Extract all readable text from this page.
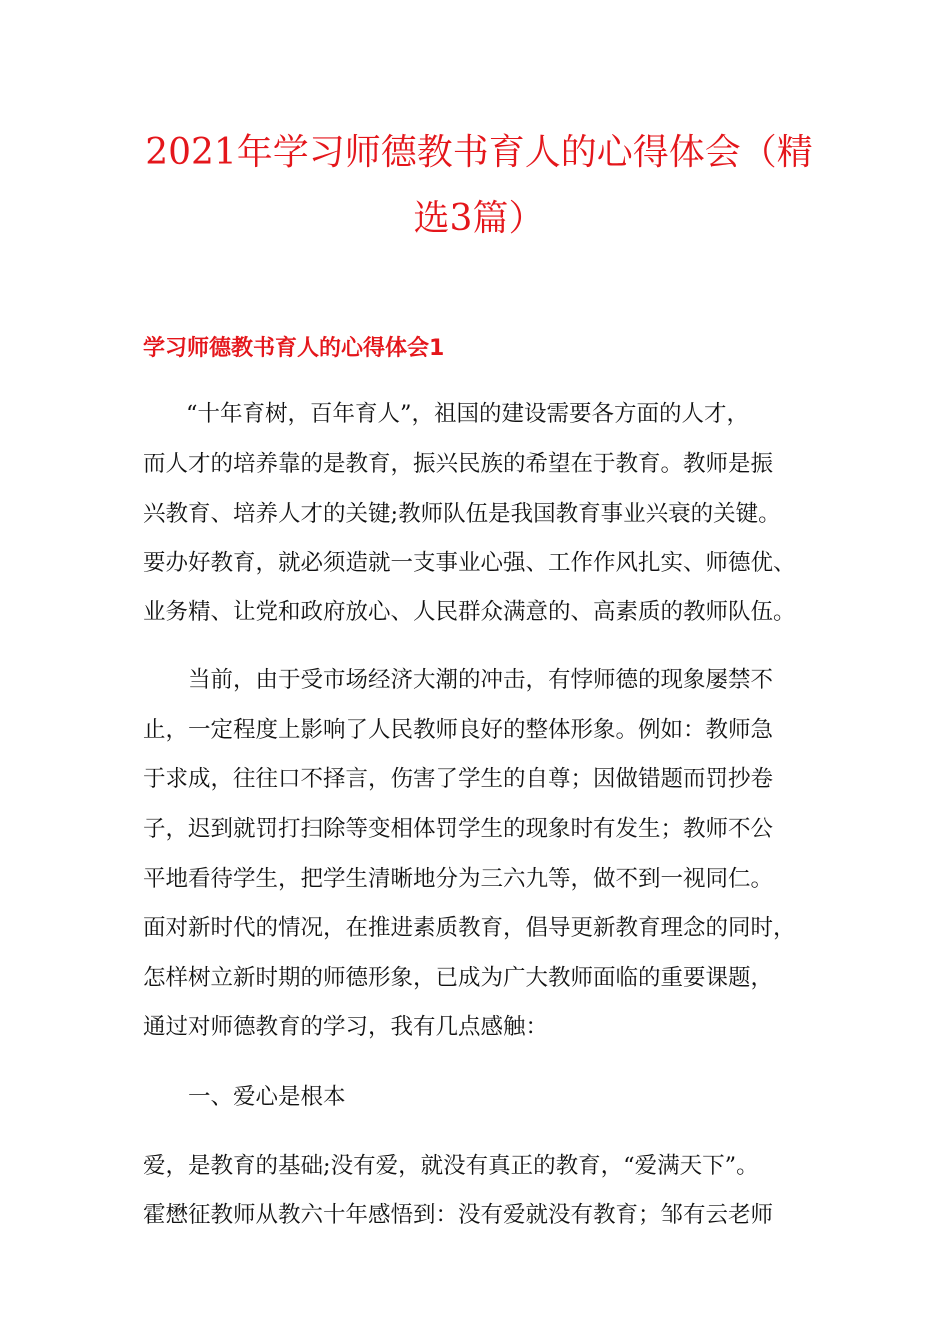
2021年学习师德教书育人的心得体会（精
选3篇）
学习师德教书育人的心得体会1
“十年育树，百年育人”，祖国的建设需要各方面的人才，
而人才的培养靠的是教育，振兴民族的希望在于教育。教师是振
兴教育、培养人才的关键;教师队伍是我国教育事业兴衰的关键。
要办好教育，就必须造就一支事业心强、工作作风扎实、师德优、
业务精、让党和政府放心、人民群众满意的、高素质的教师队伍。
当前，由于受市场经济大潮的冲击，有悖师德的现象屡禁不
止，一定程度上影响了人民教师良好的整体形象。例如：教师急
于求成，往往口不择言，伤害了学生的自尊；因做错题而罚抄卷
子，迟到就罚打扫除等变相体罚学生的现象时有发生；教师不公
平地看待学生，把学生清晰地分为三六九等，做不到一视同仁。
面对新时代的情况，在推进素质教育，倡导更新教育理念的同时，
怎样树立新时期的师德形象，已成为广大教师面临的重要课题，
通过对师德教育的学习，我有几点感触：
一、爱心是根本
爱，是教育的基础;没有爱，就没有真正的教育，“爱满天下”。
霍懋征教师从教六十年感悟到：没有爱就没有教育；邹有云老师
